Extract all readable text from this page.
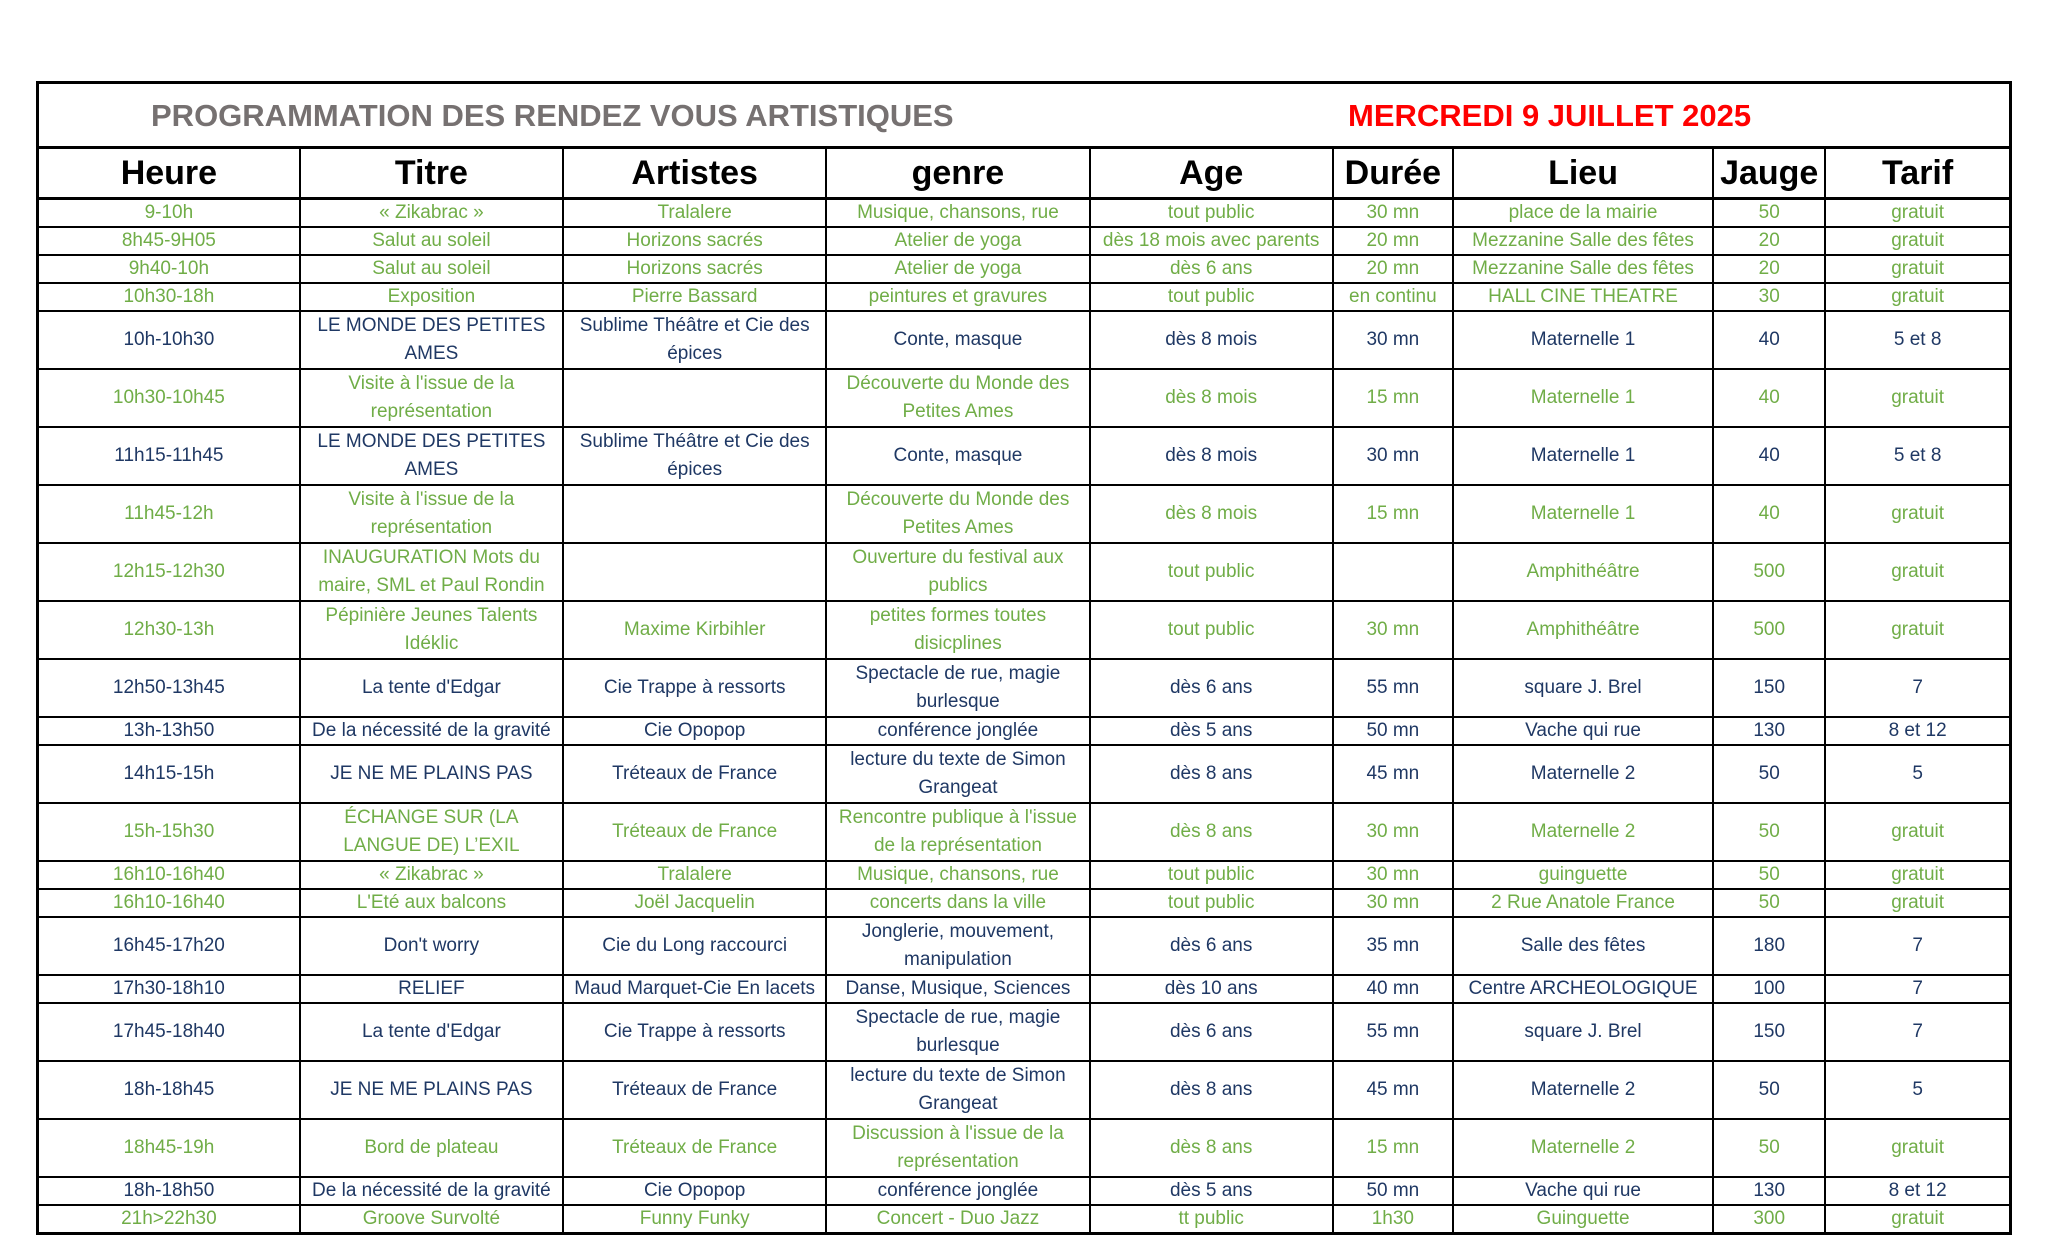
PROGRAMMATION DES RENDEZ VOUS ARTISTIQUES MERCREDI 9 JUILLET 2025								

Heure	Titre	Artistes	genre	Age	Durée	Lieu	Jauge	Tarif
9-10h	« Zikabrac »	Tralalere	Musique, chansons, rue	tout public	30 mn	place de la mairie	50	gratuit
8h45-9H05	Salut au soleil	Horizons sacrés	Atelier de yoga	dès 18 mois avec parents	20 mn	Mezzanine Salle des fêtes	20	gratuit
9h40-10h	Salut au soleil	Horizons sacrés	Atelier de yoga	dès 6 ans	20 mn	Mezzanine Salle des fêtes	20	gratuit
10h30-18h	Exposition	Pierre Bassard	peintures et gravures	tout public	en continu	HALL CINE THEATRE	30	gratuit
10h-10h30	LE MONDE DES PETITES AMES	Sublime Théâtre et Cie des épices	Conte, masque	dès 8 mois	30 mn	Maternelle 1	40	5 et 8
10h30-10h45	Visite à l'issue de la représentation		Découverte du Monde des Petites Ames	dès 8 mois	15 mn	Maternelle 1	40	gratuit
11h15-11h45	LE MONDE DES PETITES AMES	Sublime Théâtre et Cie des épices	Conte, masque	dès 8 mois	30 mn	Maternelle 1	40	5 et 8
11h45-12h	Visite à l'issue de la représentation		Découverte du Monde des Petites Ames	dès 8 mois	15 mn	Maternelle 1	40	gratuit
12h15-12h30	INAUGURATION Mots du maire, SML et Paul Rondin		Ouverture du festival aux publics	tout public		Amphithéâtre	500	gratuit
12h30-13h	Pépinière Jeunes Talents Idéklic	Maxime Kirbihler	petites formes toutes disicplines	tout public	30 mn	Amphithéâtre	500	gratuit
12h50-13h45	La tente d'Edgar	Cie Trappe à ressorts	Spectacle de rue, magie burlesque	dès 6 ans	55 mn	square J. Brel	150	7
13h-13h50	De la nécessité de la gravité	Cie Opopop	conférence jonglée	dès 5 ans	50 mn	Vache qui rue	130	8 et 12
14h15-15h	JE NE ME PLAINS PAS	Tréteaux de France	lecture du texte de Simon Grangeat	dès 8 ans	45 mn	Maternelle 2	50	5
15h-15h30	ÉCHANGE SUR (LA LANGUE DE) L’EXIL	Tréteaux de France	Rencontre publique à l'issue de la représentation	dès 8 ans	30 mn	Maternelle 2	50	gratuit
16h10-16h40	« Zikabrac »	Tralalere	Musique, chansons, rue	tout public	30 mn	guinguette	50	gratuit
16h10-16h40	L'Eté aux balcons	Joël Jacquelin	concerts dans la ville	tout public	30 mn	2 Rue Anatole France	50	gratuit
16h45-17h20	Don't worry	Cie du Long raccourci	Jonglerie, mouvement, manipulation	dès 6 ans	35 mn	Salle des fêtes	180	7
17h30-18h10	RELIEF	Maud Marquet-Cie En lacets	Danse, Musique, Sciences	dès 10 ans	40 mn	Centre ARCHEOLOGIQUE	100	7
17h45-18h40	La tente d'Edgar	Cie Trappe à ressorts	Spectacle de rue, magie burlesque	dès 6 ans	55 mn	square J. Brel	150	7
18h-18h45	JE NE ME PLAINS PAS	Tréteaux de France	lecture du texte de Simon Grangeat	dès 8 ans	45 mn	Maternelle 2	50	5
18h45-19h	Bord de plateau	Tréteaux de France	Discussion à l'issue de la représentation	dès 8 ans	15 mn	Maternelle 2	50	gratuit
18h-18h50	De la nécessité de la gravité	Cie Opopop	conférence jonglée	dès 5 ans	50 mn	Vache qui rue	130	8 et 12
21h>22h30	Groove Survolté	Funny Funky	Concert - Duo Jazz	tt public	1h30	Guinguette	300	gratuit
